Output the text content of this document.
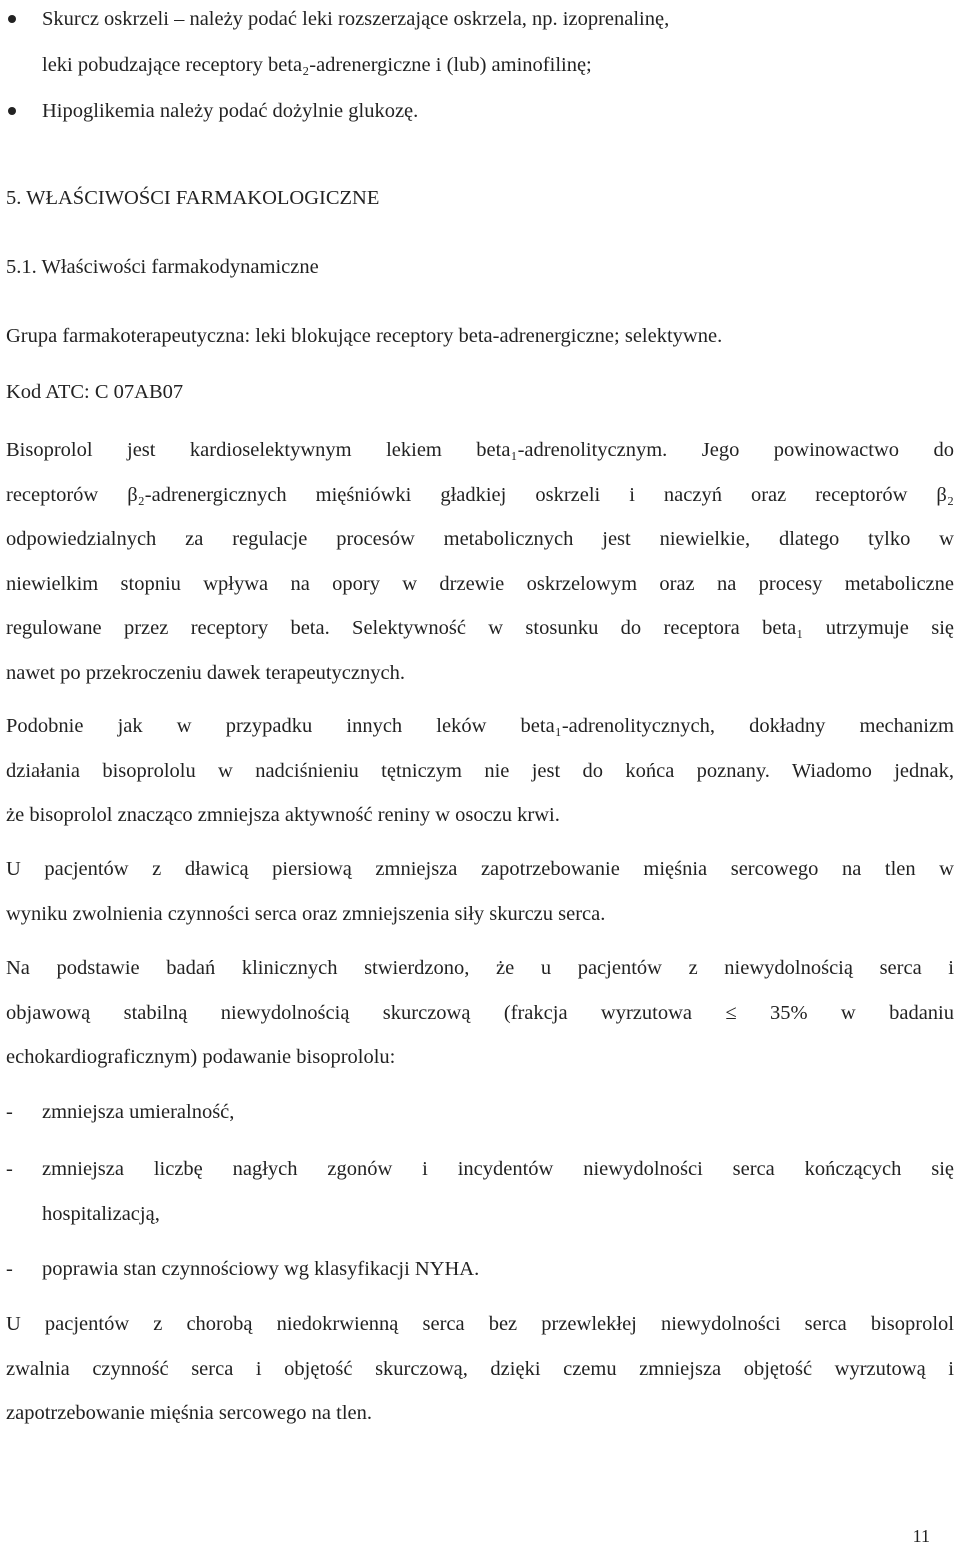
Skurcz oskrzeli – należy podać leki rozszerzające oskrzela, np. izoprenalinę,
leki pobudzające receptory beta₂-adrenergiczne i (lub) aminofilinę;
Hipoglikemia należy podać dożylnie glukozę.
5. WŁAŚCIWOŚCI FARMAKOLOGICZNE
5.1. Właściwości farmakodynamiczne
Grupa farmakoterapeutyczna: leki blokujące receptory beta-adrenergiczne; selektywne.
Kod ATC: C 07AB07
Bisoprolol jest kardioselektywnym lekiem beta₁-adrenolitycznym. Jego powinowactwo do
receptorów β₂-adrenergicznych mięśniówki gładkiej oskrzeli i naczyń oraz receptorów β₂
odpowiedzialnych za regulacje procesów metabolicznych jest niewielkie, dlatego tylko w
niewielkim stopniu wpływa na opory w drzewie oskrzelowym oraz na procesy metaboliczne
regulowane przez receptory beta. Selektywność w stosunku do receptora beta₁ utrzymuje się
nawet po przekroczeniu dawek terapeutycznych.
Podobnie jak w przypadku innych leków beta₁-adrenolitycznych, dokładny mechanizm
działania bisoprololu w nadciśnieniu tętniczym nie jest do końca poznany. Wiadomo jednak,
że bisoprolol znacząco zmniejsza aktywność reniny w osoczu krwi.
U pacjentów z dławicą piersiową zmniejsza zapotrzebowanie mięśnia sercowego na tlen w
wyniku zwolnienia czynności serca oraz zmniejszenia siły skurczu serca.
Na podstawie badań klinicznych stwierdzono, że u pacjentów z niewydolnością serca i
objawową stabilną niewydolnością skurczową (frakcja wyrzutowa ≤ 35% w badaniu
echokardiograficznym) podawanie bisoprololu:
- zmniejsza umieralność,
- zmniejsza liczbę nagłych zgonów i incydentów niewydolności serca kończących się
hospitalizacją,
- poprawia stan czynnościowy wg klasyfikacji NYHA.
U pacjentów z chorobą niedokrwienną serca bez przewlekłej niewydolności serca bisoprolol
zwalnia czynność serca i objętość skurczową, dzięki czemu zmniejsza objętość wyrzutową i
zapotrzebowanie mięśnia sercowego na tlen.
11
